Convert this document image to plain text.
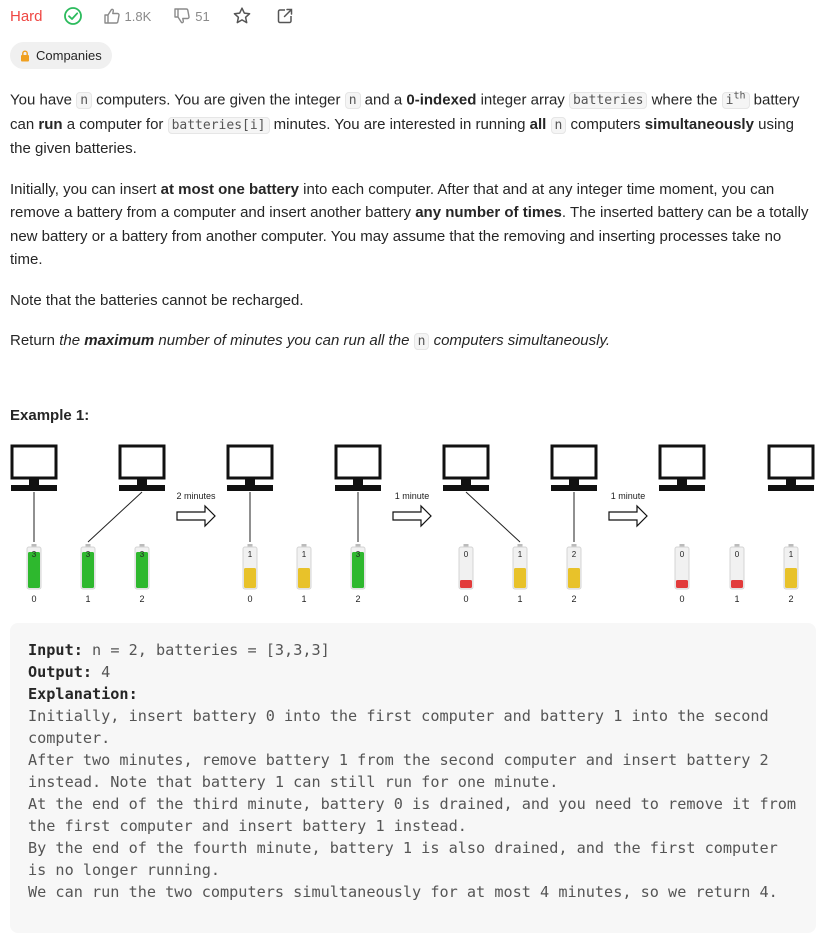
Hard	1.8K	51
Companies

You have n computers. You are given the integer n and a 0-indexed integer array batteries where the $i^{th}$ battery can run a computer for batteries[i] minutes. You are interested in running all n computers simultaneously using the given batteries.

Initially, you can insert at most one battery into each computer. After that and at any integer time moment, you can remove a battery from a computer and insert another battery any number of times. The inserted battery can be a totally new battery or a battery from another computer. You may assume that the removing and inserting processes take no time.

Note that the batteries cannot be recharged.

Return the maximum number of minutes you can run all the n computers simultaneously.

Example 1:
2 minutes	1 minute	1 minute
3
0
3
1
3
2
1
0
1
1
3
2
0
0
1
1
2
2
0
0
0
1
1
2
Input: n = 2, batteries = [3,3,3]
Output: 4
Explanation:
Initially, insert battery 0 into the first computer and battery 1 into the second computer.
After two minutes, remove battery 1 from the second computer and insert battery 2 instead. Note that battery 1 can still run for one minute.
At the end of the third minute, battery 0 is drained, and you need to remove it from the first computer and insert battery 1 instead.
By the end of the fourth minute, battery 1 is also drained, and the first computer is no longer running.
We can run the two computers simultaneously for at most 4 minutes, so we return 4.
